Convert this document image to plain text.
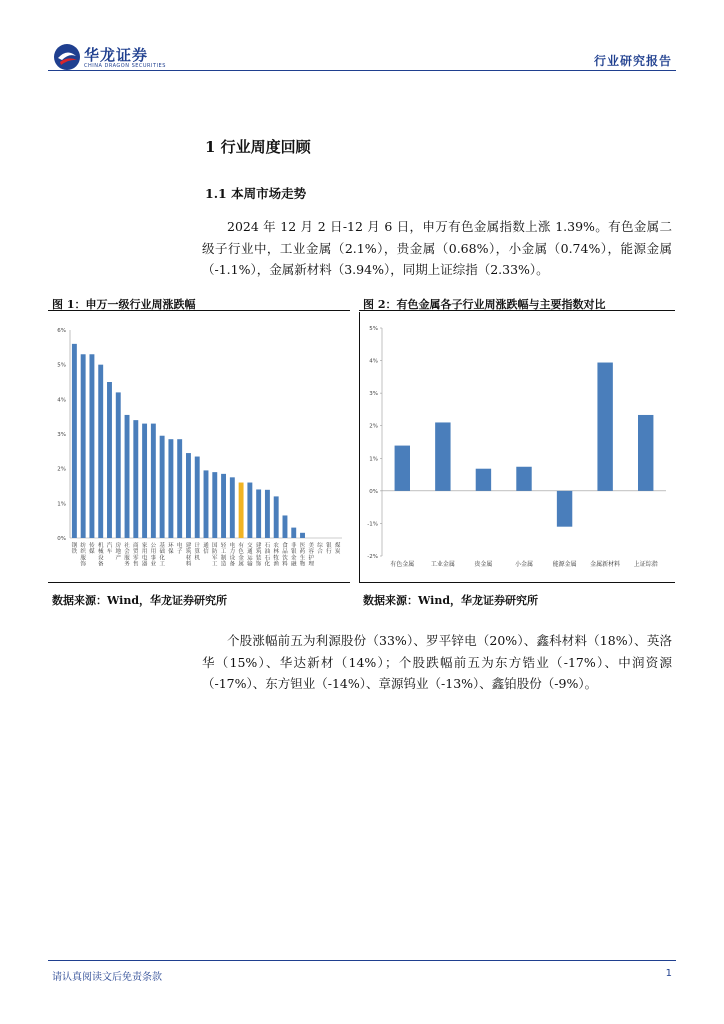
华龙证券
CHINA DRAGON SECURITIES	行业研究报告
1 行业周度回顾
1.1 本周市场走势

2024 年 12 月 2 日-12 月 6 日，申万有色金属指数上涨 1.39%。有色金属二级子行业中，工业金属（2.1%），贵金属（0.68%），小金属（0.74%），能源金属（-1.1%），金属新材料（3.94%），同期上证综指（2.33%）。

图 1：申万一级行业周涨跌幅	图 2：有色金属各子行业周涨跌幅与主要指数对比
0%
1%
2%
3%
4%
5%
6%
钢
铁
纺
织
服
饰
传
媒
机
械
设
备
汽
车
房
地
产
社
会
服
务
商
贸
零
售
家
用
电
器
公
用
事
业
基
础
化
工
环
保
电
子
建
筑
材
料
计
算
机
通
信
国
防
军
工
轻
工
制
造
电
力
设
备
有
色
金
属
交
通
运
输
建
筑
装
饰
石
油
石
化
农
林
牧
渔
食
品
饮
料
非
银
金
融
医
药
生
物
美
容
护
理
综
合
银
行
煤
炭
-2%
-1%
0%
1%
2%
3%
4%
5%
有色金属	工业金属	贵金属	小金属	能源金属 金属新材料 上证综指
数据来源：Wind，华龙证券研究所	数据来源：Wind，华龙证券研究所

个股涨幅前五为利源股份（33%）、罗平锌电（20%）、鑫科材料（18%）、英洛华（15%）、华达新材（14%）；个股跌幅前五为东方锆业（-17%）、中润资源（-17%）、东方钽业（-14%）、章源钨业（-13%）、鑫铂股份（-9%）。

请认真阅读文后免责条款	1
